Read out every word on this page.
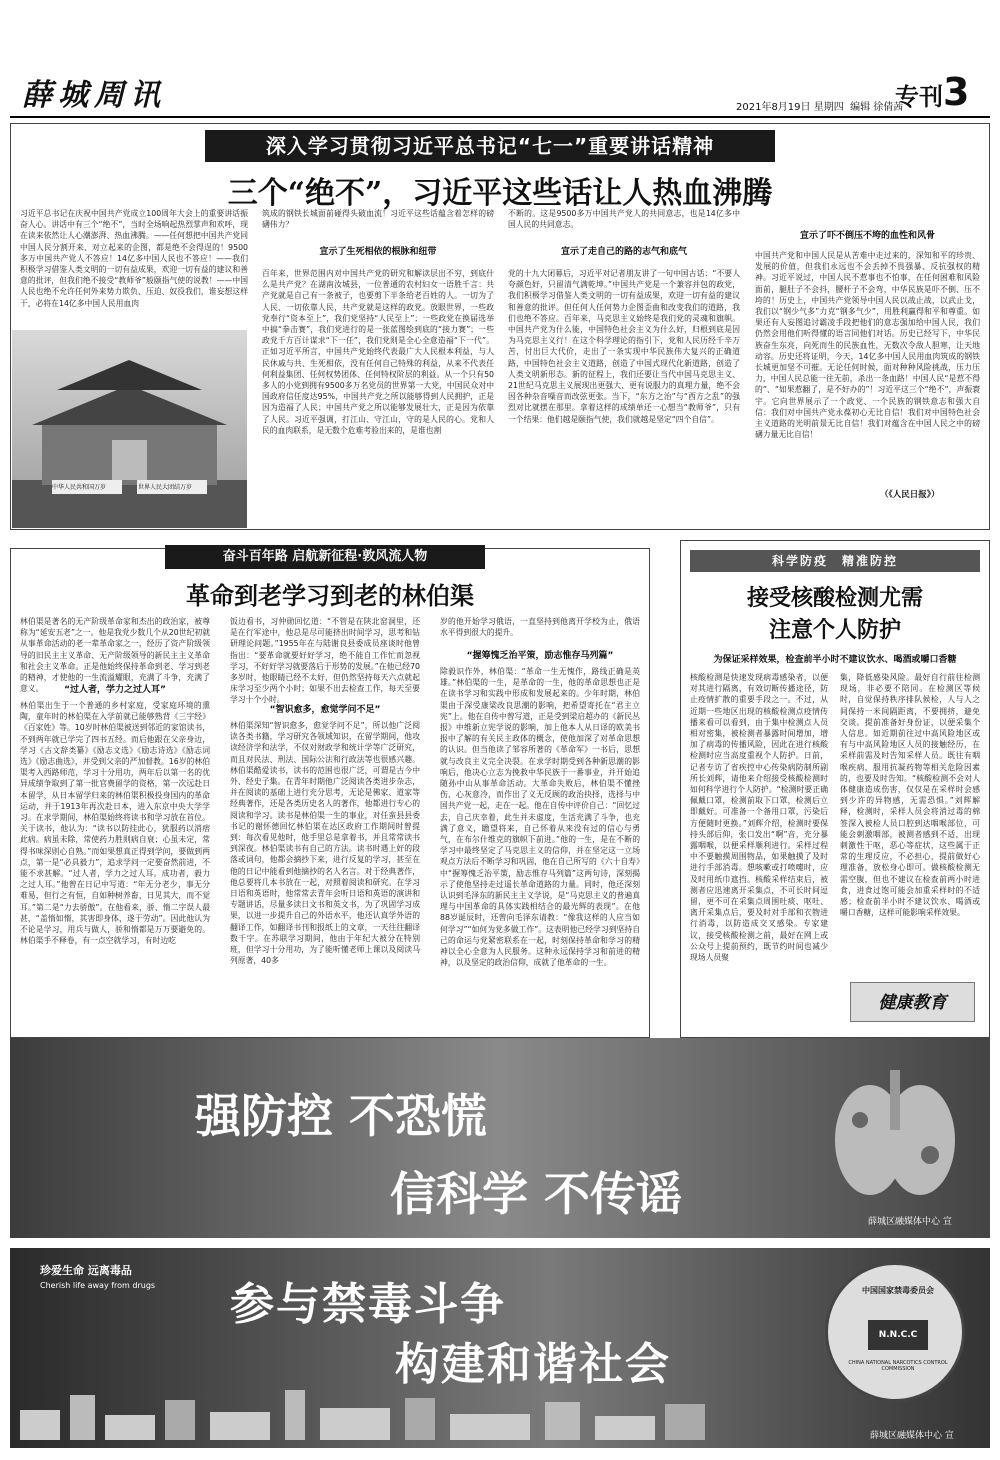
薛城周讯	2021年8月19日 星期四 编辑 徐倩茜
专刊3
深入学习贯彻习近平总书记“七一”重要讲话精神
三个“绝不”，习近平这些话让人热血沸腾
习近平总书记在庆祝中国共产党成立100周年大会上的重要讲话振奋人心。讲话中有三个“绝不”，当时全场响起热烈掌声和欢呼，现在读来依然让人心潮澎湃、热血沸腾。——任何想把中国共产党同中国人民分割开来、对立起来的企图，都是绝不会得逞的！9500多万中国共产党人不答应！14亿多中国人民也不答应！——我们积极学习借鉴人类文明的一切有益成果，欢迎一切有益的建议和善意的批评，但我们绝不接受“教师爷”般颐指气使的说教！——中国人民也绝不允许任何外来势力欺负、压迫、奴役我们，谁妄想这样干，必将在14亿多中国人民用血肉
中华人民共和国万岁	世界人民大团结万岁
筑成的钢铁长城面前碰得头破血流！习近平这些话蕴含着怎样的磅礴伟力？
宣示了生死相依的根脉和纽带
百年来，世界范围内对中国共产党的研究和解读层出不穷，到底什么是共产党？在湖南汝城县，一位普通的农村妇女一语胜千言：共产党就是自己有一条被子，也要剪下半条给老百姓的人。一切为了人民、一切依靠人民，共产党就是这样的政党。放眼世界，一些政党奉行“资本至上”，我们党坚持“人民至上”；一些政党在换届选举中搞“拳击赛”，我们党进行的是一张蓝图绘到底的“接力赛”；一些政党千方百计谋求“下一任”，我们党则是全心全意造福“下一代”。正如习近平所言，中国共产党始终代表最广大人民根本利益，与人民休戚与共、生死相依，没有任何自己特殊的利益，从来不代表任何利益集团、任何权势团体、任何特权阶层的利益。从一个只有50多人的小党到拥有9500多万名党员的世界第一大党，中国民众对中国政府信任度达95%，中国共产党之所以能够得到人民拥护，正是因为造福了人民；中国共产党之所以能够发展壮大，正是因为依靠了人民。习近平强调，打江山、守江山，守的是人民的心。党和人民的血肉联系，是无数个危难考验出来的，是谁也割
不断的。这是9500多万中国共产党人的共同意志，也是14亿多中国人民的共同意志。
宣示了走自己的路的志气和底气
党的十九大闭幕后，习近平对记者朋友讲了一句中国古话：“不要人夸颜色好，只留清气满乾坤。”中国共产党是一个兼容并包的政党，我们积极学习借鉴人类文明的一切有益成果，欢迎一切有益的建议和善意的批评。但任何人任何势力企图歪曲和改变我们的道路，我们也绝不答应。百年来，马克思主义始终是我们党的灵魂和旗帜。中国共产党为什么能，中国特色社会主义为什么好，归根到底是因为马克思主义行！在这个科学理论的指引下，党和人民历经千辛万苦，付出巨大代价，走出了一条实现中华民族伟大复兴的正确道路，中国特色社会主义道路，创造了中国式现代化新道路，创造了人类文明新形态。新的征程上，我们还要让当代中国马克思主义、21世纪马克思主义展现出更强大、更有说服力的真理力量，绝不会因各种杂音噪音而改弦更张。当下，“东方之治”与“西方之乱”的强烈对比就摆在那里。拿着这样的成绩单还一心想当“教师爷”，只有一个结果：他们越是颐指气使，我们就越是坚定“四个自信”。
宣示了吓不倒压不垮的血性和风骨
中国共产党和中国人民是从苦难中走过来的，深知和平的珍贵、发展的价值，但我们永远也不会丢掉不畏强暴、反抗强权的精神。习近平说过，中国人民不惹事也不怕事，在任何困难和风险面前，腿肚子不会抖，腰杆子不会弯，中华民族是吓不倒、压不垮的！历史上，中国共产党领导中国人民以战止战，以武止戈，我们以“钢少气多”力克“钢多气少”，用胜利赢得和平和尊重。如果还有人妄图追讨霸凌手段把他们的意志强加给中国人民，我们仍然会用他们听得懂的语言同他们对话。历史已经写下，中华民族奋生东亮，向死而生的民族血性，无数次令敌人胆寒，让天地动容。历史还将证明，今天，14亿多中国人民用血肉筑成的钢铁长城更加坚不可摧。无论任何时候，面对种种风险挑战，压力压力，中国人民总能一往无前，杀出一条血路！中国人民“是惹不得的”、“如果惹翻了，是不好办的”！习近平这三个“绝不”，声振寰宇。它向世界展示了一个政党、一个民族的钢铁意志和强大自信：我们对中国共产党永葆初心无比自信！我们对中国特色社会主义道路的光明前景无比自信！我们对蕴含在中国人民之中的磅礴力量无比自信！
（《人民日报》）
奋斗百年路 启航新征程·敦风流人物
革命到老学习到老的林伯渠
林伯渠是著名的无产阶级革命家和杰出的政治家，被尊称为“延安五老”之一。他是我党少数几个从20世纪初就从事革命活动的老一辈革命家之一，经历了资产阶级领导的旧民主主义革命、无产阶级领导的新民主主义革命和社会主义革命。正是他始终保持革命到老、学习到老的精神，才使他的一生流溢耀眼，充满了斗争，充满了意义。	“过人者，学力之过人耳”
林伯渠出生于一个普通的乡村家庭，受家庭环境的熏陶，童年时的林伯渠在入学前就已能够熟背《三字经》《百家姓》等。10岁时林伯渠被送到邻近的家馆读书，不到两年就已学完了四书五经。而后他跟在父亲身边，学习《古文辞类纂》《励志文选》《励志诗选》《励志词选》《励志曲选》，并受到父亲的严加督教。16岁的林伯渠考入西路师范，学习十分用功，两年后以第一名的优异成绩争取到了第一批官费留学的资格，第一次远赴日本留学，从日本留学归来的林伯渠积极投身国内的革命运动，并于1913年再次赴日本，进入东京中央大学学习。在求学期间，林伯渠始终将读书和学习放在首位。关于读书，他认为：“读书以防挂此心，犹服药以消痞此病。病虽未除，常使药力胜则病自衰；心虽未定，常得书味深则心自熟。”而如果想真正得到学问，要做到两点，第一是“必具毅力”，追求学问一定要奋然前进，不能不求甚解。“过人者，学力之过人耳。成功者，毅力之过人耳。”他曾在日记中写道：“年无分老少，事无分难易，但行之有恒，自如种树养畜，日见其大，而不觉耳。”第二是“力去骄傲”。在他看来，骄、惰二字误人最甚，“盖惰如惰，其害即身体，遂于劳动”。因此他认为不论是学习，用兵与做人，骄和惰都是万万要避免的。林伯渠手不释卷，有一点空就学习，有时边吃
饭边看书，习仲勋回忆道：“不管是在陕北窑洞里，还是在行军途中，他总是尽可能挤出时间学习，思考和钻研理论问题。”1955年在与陆谢良县委成员座谈时他曾指出：“要革命就要好好学习，绝不能自工作忙而忽视学习，不好好学习就要落后于形势的发展。”在他已经70多岁时，他眼睛已经不太好，但仍然坚持每天六点就起床学习至少两个小时；如果不出去检查工作，每天至要学习十个小时。
“智识愈多，愈觉学问不足”
林伯渠深知“智识愈多，愈觉学问不足”，所以他广泛阅读各类书籍，学习研究各领域知识，在留学期间，他攻读经济学和法学，不仅对财政学和统计学等广泛研究，而且对民法、刑法、国际公法和行政法等也很感兴趣。林伯渠酷爱读书，读书的范围也很广泛，可谓是古今中外、经史子集。在青年时期他广泛阅读各类进步杂志，并在阅读的基础上进行充分思考，无论是佛家、道家等经典著作，还是各类历史名人的著作，他都进行专心的阅读和学习。读书是林伯渠一生的事业，对任蛮县县委书记的谢怀德回忆林伯渠在达区政府工作期间时曾提到：每次看见他时，他手里总是拿着书，并且常常读书到深夜。林伯渠读书有自己的方法。读书时遇上好的段落或词句，他都会摘抄下来，进行反复的学习，甚至在他的日记中能看到他摘抄的名人名言。对于经典著作，他总要将几本书放在一起，对照着阅读和研究。在学习日语和英语时，他常常去青年会听日语和英语的演讲和专题讲话，尽量多读日文书和英文书，为了巩固学习成果，以进一步提升自己的外语水平，他还认真学外语的翻译工作，如翻译书刊和报纸上的文章，一天往往翻译数千字。在苏联学习期间，他由于年纪大被分在特别班，但学习十分用功，为了能听懂老师上课以及阅读马列原著，40多
岁的他开始学习俄语，一直坚持到他离开学校为止，俄语水平得到很大的提升。
“握筹愧乏治平策，励志惟存马列篇”
除毅识作外，林伯渠：“革命一生无愧作，路线正确是英雄。”林伯渠的一生，是革命的一生，他的革命思想也正是在读书学习和实践中形成和发展起来的。少年时期，林伯渠由于深受康梁改良思潮的影响，把希望寄托在“君主立宪”上。他在自传中曾写道，正是受到梁启超办的《新民丛报》中维新立宪学说的影响，加上他本人从日译的欧美书报中了解的有关民主政体的概念，使他加深了对革命思想的认识。但当他读了邹容所著的《革命军》一书后，思想就与改良主义完全决裂。在求学时期受到各种新思潮的影响后，他决心立志为挽救中华民族于一番事业，并开始追随孙中山从事革命活动。大革命失败后，林伯渠不懂挫伤、心灰意冷，而作出了义无反顾的政治抉择，选择与中国共产党一起，走在一起。他在自传中评价自己：“回忆过去，自己庆幸着，此生并未虚度，生活充满了斗争，也充满了意义，瞻望将来，自己怀着从来没有过的信心与勇气，在布尔什维克的旗帜下前进。”他的一生，是在不断的学习中最终坚定了马克思主义的信仰，并在坚定这一立场观点方法后不断学习和巩固，他在自己所写的《六十自寿》中“握筹愧乏治平策，励志惟存马列篇”这两句诗，深刻揭示了使他坚持走过遥长革命道路的力量。同时，他还深刻认识到毛泽东的新民主主义学说，是“马克思主义的普遍真理与中国革命的具体实践相结合的最光辉的表现”。在他88岁诞辰时，还曾向毛泽东请教：“像我这样的人应当如何学习”“如何为党多做工作”。这表明他已经学习到坚持自己的命运与党紧密联系在一起，时刻保持革命和学习的精神以全心全意为人民服务。这种永远保持学习和前进的精神，以及坚定的政治信仰，成就了他革命的一生。
科学防疫　精准防控
接受核酸检测尤需
注意个人防护
为保证采样效果，检查前半小时不建议饮水、喝酒或嚼口香糖
核酸检测是快速发现病毒感染者，以便对其进行隔离，有效切断传播途径，防止疫情扩散的重要手段之一。不过，从近期一些地区出现的核酸检测点疫情传播来看可以看到，由于集中检测点人员相对密集，被检测者暴露时间增加，增加了病毒的传播风险，因此在进行核酸检测时应当高度重视个人防护。日前，记者专访了省疾控中心传染病防制所副所长刘辉，请他来介绍接受核酸检测时如何科学进行个人防护。“检测时要正确佩戴口罩，检测前取下口罩，检测后立即戴好。可准备一个备用口罩，污染后方便随时更换。”刘辉介绍，检测时要保持头部后仰，张口发出“啊”音，充分暴露咽喉，以便采样顺利进行。采样过程中不要触摸周围物品，如果触摸了及时进行手部消毒。想咳嗽或打喷嚏时，应及时用纸巾遮挡。核酸采样结束后，被测者应迅速离开采集点，不可长时间逗留，更不可在采集点周围吐痰、呕吐、离开采集点后，要及时对手部和衣物进行消毒，以防造成交叉感染。专家建议，接受核酸检测之前，最好在网上或公众号上提前预约，既节约时间也减少现场人员聚
集，降低感染风险。最好自行前往检测现场，非必要不陪同。在检测区等候时，自觉保持秩序排队候检，人与人之间保持一米间隔距离，不要拥挤，避免交谈。提前准备好身份证，以便采集个人信息。如近期前往过中高风险地区或有与中高风险地区人员的接触经历，在采样前需及时告知采样人员。既往有咽喉疾病，服用抗凝药物等相关危险因素的，也要及时告知。“核酸检测不会对人体健康造成伤害，仅仅是在采样时会感到少许的异物感，无需恐惧。”刘辉解释，检测时，采样人员会将消过毒的棉签深入被检人员口腔到达咽喉部位，可能会刺激咽部，被测者感到不适，出现刺激性干呕，恶心等症状，这些属于正常的生理反应，不必担心，提前做好心理准备，放松身心即可。做核酸检测无需空腹，但也不建议在检查前两小时进食，进食过饱可能会加重采样时的不适感；检查前半小时不建议饮水、喝酒或嚼口香糖，这样可能影响采样效果。
健康教育
强防控 不恐慌
信科学 不传谣
薛城区融媒体中心 宣
珍爱生命 远离毒品
Cherish life away from drugs 参与禁毒斗争
构建和谐社会
中国国家禁毒委员会
N.N.C.C
CHINA NATIONAL NARCOTICS CONTROL COMMISSION
薛城区融媒体中心 宣
